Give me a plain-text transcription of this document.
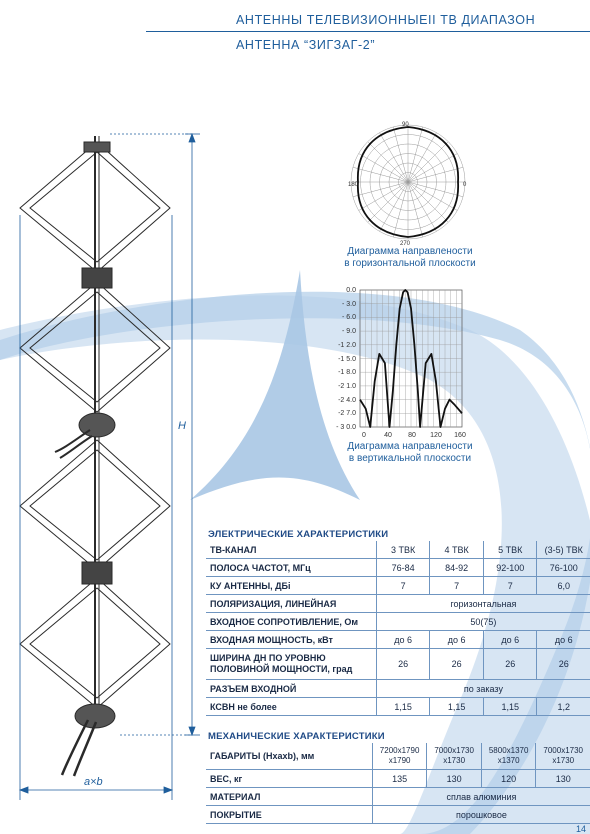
АНТЕННЫ ТЕЛЕВИЗИОННЫЕ II ТВ ДИАПАЗОН
АНТЕННА “ЗИГЗАГ-2”
90
270
180	0
Диаграмма направлености
в горизонтальной плоскости
0.0
- 3.0
- 6.0
- 9.0
-1 2.0
-1 5.0
-1 8.0
-2 1.0
-2 4.0
-2 7.0
- 3 0.0
0	40	80	120	160
Диаграмма направлености
в вертикальной плоскости
H
a×b
ЭЛЕКТРИЧЕСКИЕ ХАРАКТЕРИСТИКИ
ТВ-КАНАЛ	3 ТВК	4 ТВК	5 ТВК	(3-5) ТВК
ПОЛОСА ЧАСТОТ, МГц	76-84	84-92	92-100	76-100
КУ АНТЕННЫ, ДБі	7	7	7	6,0
ПОЛЯРИЗАЦИЯ, ЛИНЕЙНАЯ	горизонтальная			
ВХОДНОЕ СОПРОТИВЛЕНИЕ, Ом	50(75)			
ВХОДНАЯ МОЩНОСТЬ, кВт	до 6	до 6	до 6	до 6
ШИРИНА ДН ПО УРОВНЮ ПОЛОВИНОЙ МОЩНОСТИ, град	26	26	26	26
РАЗЪЕМ ВХОДНОЙ	по заказу			
КСВН не более	1,15	1,15	1,15	1,2
МЕХАНИЧЕСКИЕ ХАРАКТЕРИСТИКИ
ГАБАРИТЫ (Нхахb), мм	7200х1790 х1790	7000х1730 х1730	5800х1370 х1370	7000х1730 х1730
ВЕС, кг	135	130	120	130
МАТЕРИАЛ	сплав алюминия			
ПОКРЫТИЕ	порошковое			
14
